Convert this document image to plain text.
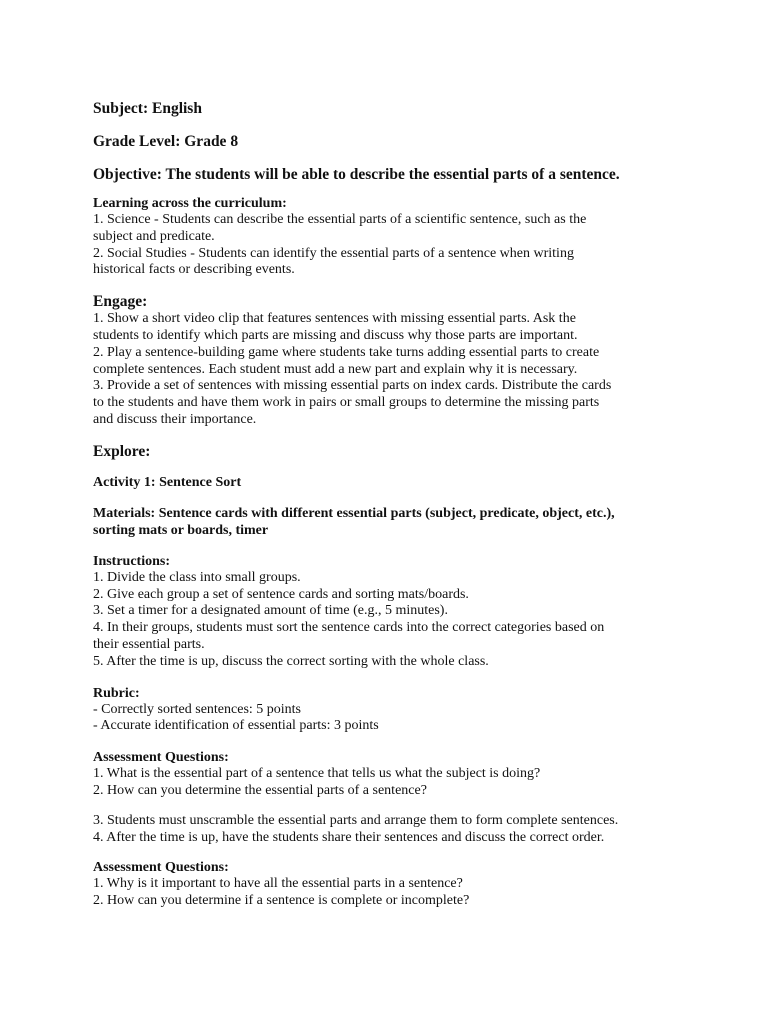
Subject: English

Grade Level: Grade 8

Objective: The students will be able to describe the essential parts of a sentence.

Learning across the curriculum:

1. Science - Students can describe the essential parts of a scientific sentence, such as the

subject and predicate.

2. Social Studies - Students can identify the essential parts of a sentence when writing

historical facts or describing events.

Engage:

1. Show a short video clip that features sentences with missing essential parts. Ask the

students to identify which parts are missing and discuss why those parts are important.

2. Play a sentence-building game where students take turns adding essential parts to create

complete sentences. Each student must add a new part and explain why it is necessary.

3. Provide a set of sentences with missing essential parts on index cards. Distribute the cards

to the students and have them work in pairs or small groups to determine the missing parts

and discuss their importance.

Explore:

Activity 1: Sentence Sort

Materials: Sentence cards with different essential parts (subject, predicate, object, etc.),

sorting mats or boards, timer

Instructions:

1. Divide the class into small groups.

2. Give each group a set of sentence cards and sorting mats/boards.

3. Set a timer for a designated amount of time (e.g., 5 minutes).

4. In their groups, students must sort the sentence cards into the correct categories based on

their essential parts.

5. After the time is up, discuss the correct sorting with the whole class.

Rubric:

- Correctly sorted sentences: 5 points

- Accurate identification of essential parts: 3 points

Assessment Questions:

1. What is the essential part of a sentence that tells us what the subject is doing?

2. How can you determine the essential parts of a sentence?

3. Students must unscramble the essential parts and arrange them to form complete sentences.

4. After the time is up, have the students share their sentences and discuss the correct order.

Assessment Questions:

1. Why is it important to have all the essential parts in a sentence?

2. How can you determine if a sentence is complete or incomplete?
